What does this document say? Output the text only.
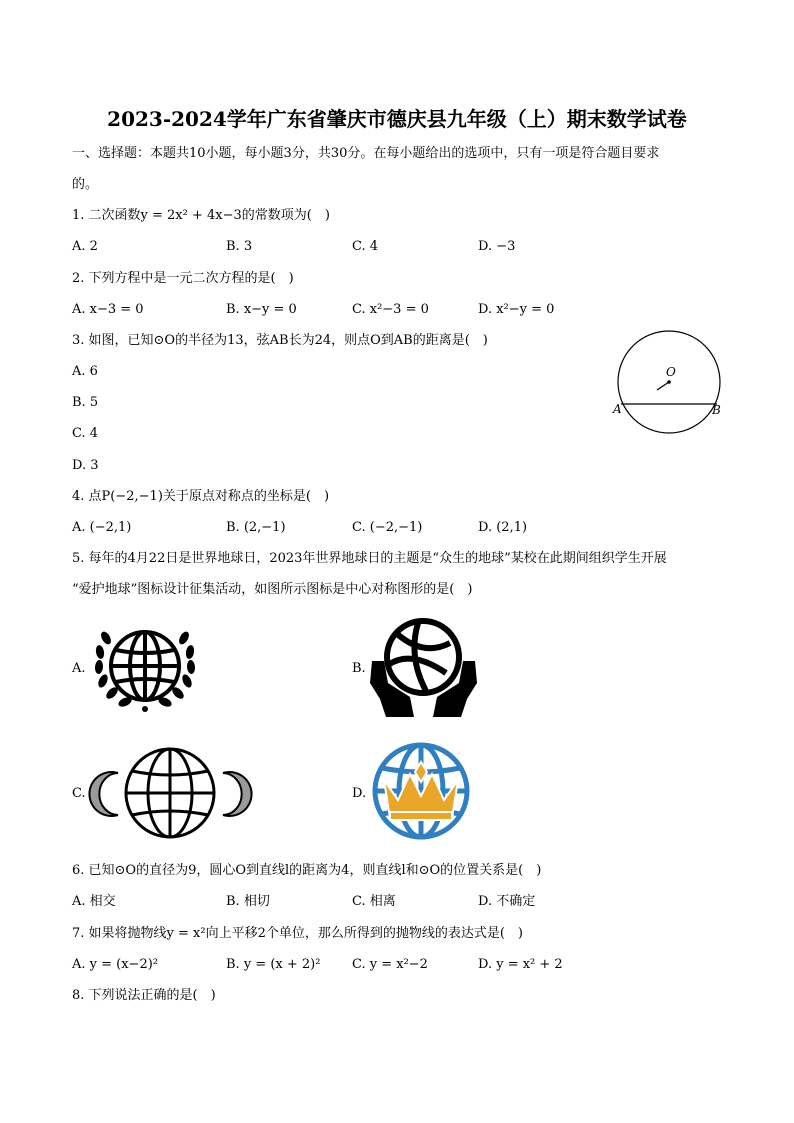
2023-2024学年广东省肇庆市德庆县九年级（上）期末数学试卷
一、选择题：本题共10小题，每小题3分，共30分。在每小题给出的选项中，只有一项是符合题目要求
的。
1. 二次函数y = 2x² + 4x−3的常数项为(　)
A. 2	B. 3	C. 4	D. −3
2. 下列方程中是一元二次方程的是(　)
A. x−3 = 0	B. x−y = 0	C. x²−3 = 0	D. x²−y = 0
3. 如图，已知⊙O的半径为13，弦AB长为24，则点O到AB的距离是(　)
A. 6
B. 5
C. 4
D. 3
O
A	B
4. 点P(−2,−1)关于原点对称点的坐标是(　)
A. (−2,1)	B. (2,−1)	C. (−2,−1)	D. (2,1)
5. 每年的4月22日是世界地球日，2023年世界地球日的主题是“众生的地球”某校在此期间组织学生开展
“爱护地球”图标设计征集活动，如图所示图标是中心对称图形的是(　)
A.	B.
C.	D.
6. 已知⊙O的直径为9，圆心O到直线l的距离为4，则直线l和⊙O的位置关系是(　)
A. 相交	B. 相切	C. 相离	D. 不确定
7. 如果将抛物线y = x²向上平移2个单位，那么所得到的抛物线的表达式是(　)
A. y = (x−2)²	B. y = (x + 2)² C. y = x²−2	D. y = x² + 2
8. 下列说法正确的是(　)
